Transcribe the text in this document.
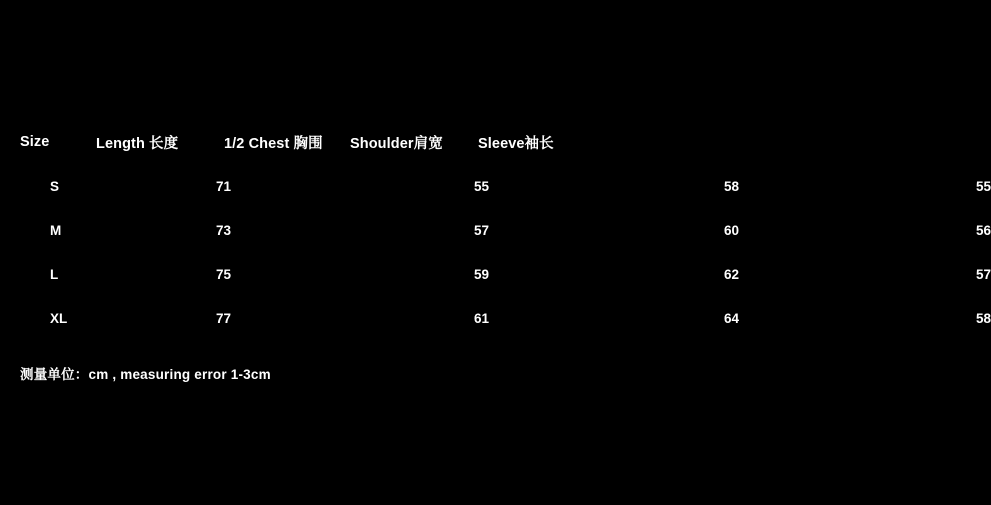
Size	Length 长度	1/2 Chest 胸围	Shoulder肩宽	Sleeve袖长
S	71	55	58	55
M	73	57	60	56
L	75	59	62	57
XL	77	61	64	58
测量单位：cm , measuring error 1-3cm
